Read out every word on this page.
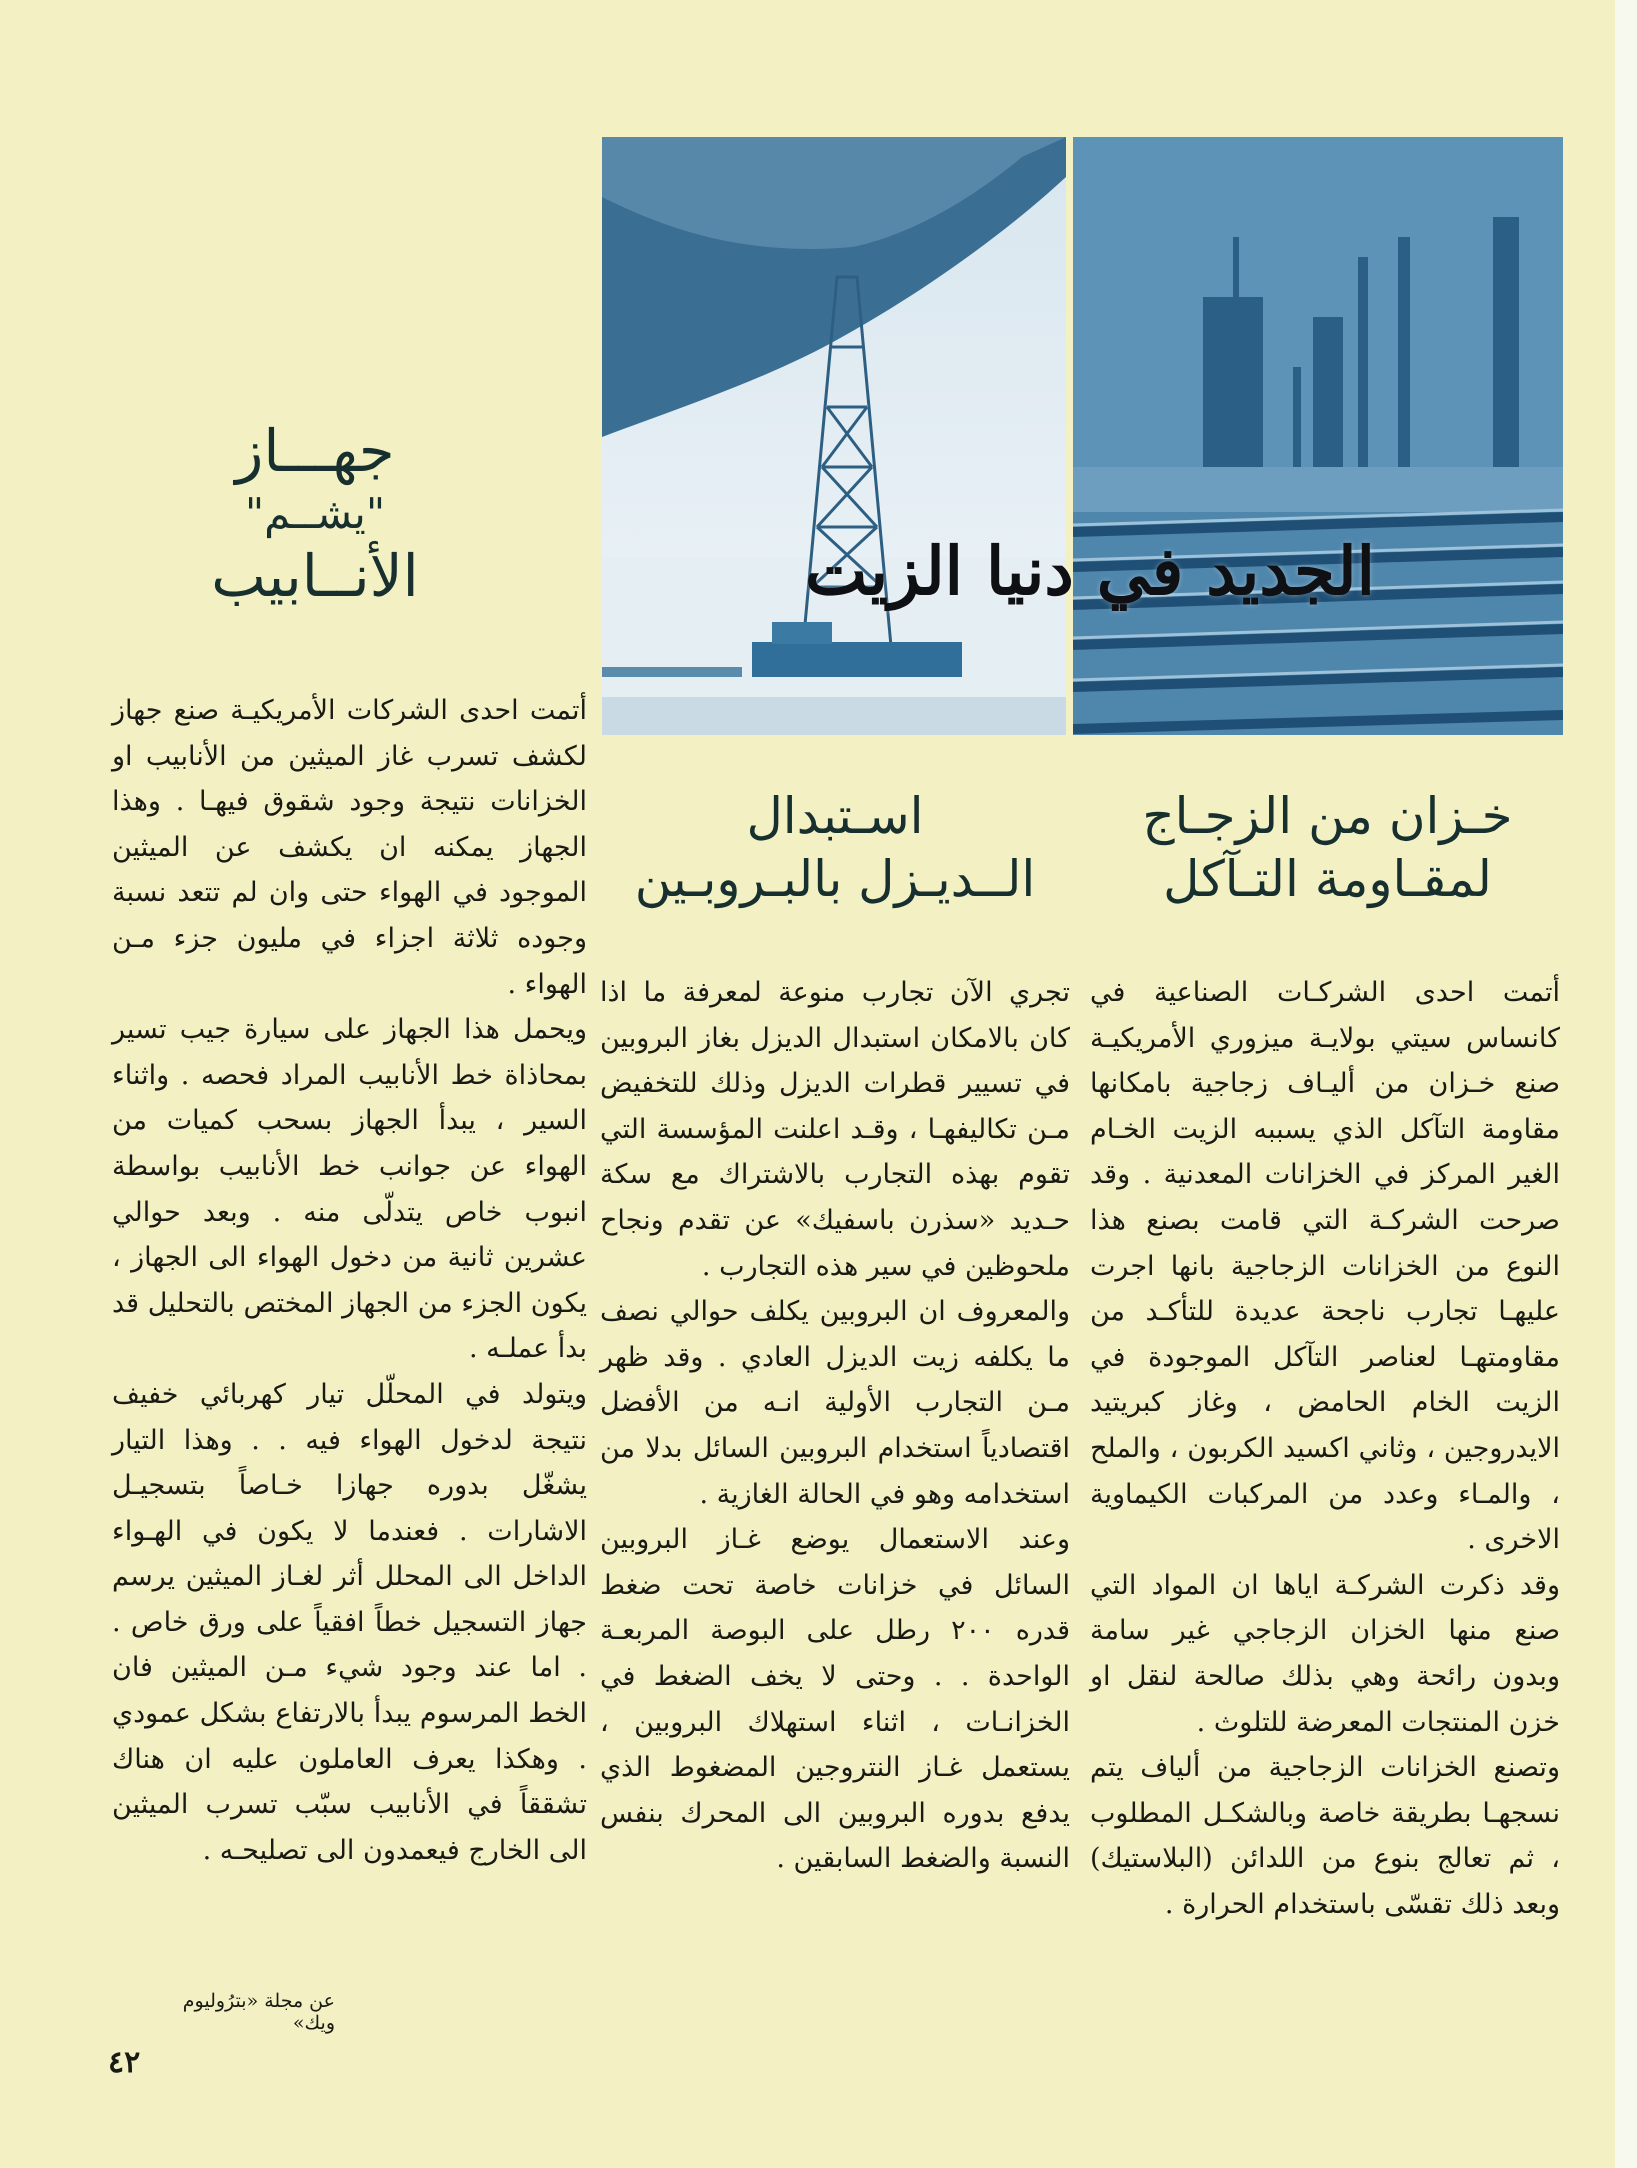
الجديد في دنيا الزيت
جهـــاز
"يشــم"
الأنــابيب

أتمت احدى الشركات الأمريكيـة صنع جهاز لكشف تسرب غاز الميثين من الأنابيب او الخزانات نتيجة وجود شقوق فيهـا . وهذا الجهاز يمكنه ان يكشف عن الميثين الموجود في الهواء حتى وان لم تتعد نسبة وجوده ثلاثة اجزاء في مليون جزء مـن الهواء .

ويحمل هذا الجهاز على سيارة جيب تسير بمحاذاة خط الأنابيب المراد فحصه . واثناء السير ، يبدأ الجهاز بسحب كميات من الهواء عن جوانب خط الأنابيب بواسطة انبوب خاص يتدلّى منه . وبعد حوالي عشرين ثانية من دخول الهواء الى الجهاز ، يكون الجزء من الجهاز المختص بالتحليل قد بدأ عملـه .

ويتولد في المحلّل تيار كهربائي خفيف نتيجة لدخول الهواء فيه . . وهذا التيار يشغّل بدوره جهازا خـاصاً بتسجيـل الاشارات . فعندما لا يكون في الهـواء الداخل الى المحلل أثر لغـاز الميثين يرسم جهاز التسجيل خطاً افقياً على ورق خاص . . اما عند وجود شيء مـن الميثين فان الخط المرسوم يبدأ بالارتفاع بشكل عمودي . وهكذا يعرف العاملون عليه ان هناك تشققاً في الأنابيب سبّب تسرب الميثين الى الخارج فيعمدون الى تصليحـه .

عن مجلة «بترُوليوم ويك»
٤٢
اسـتبدال
الــديـزل بالبـروبـين

تجري الآن تجارب منوعة لمعرفة ما اذا كان بالامكان استبدال الديزل بغاز البروبين في تسيير قطرات الديزل وذلك للتخفيض مـن تكاليفهـا ، وقـد اعلنت المؤسسة التي تقوم بهذه التجارب بالاشتراك مع سكة حـديد «سذرن باسفيك» عن تقدم ونجاح ملحوظين في سير هذه التجارب .

والمعروف ان البروبين يكلف حوالي نصف ما يكلفه زيت الديزل العادي . وقد ظهر مـن التجارب الأولية انـه من الأفضل اقتصادياً استخدام البروبين السائل بدلا من استخدامه وهو في الحالة الغازية .

وعند الاستعمال يوضع غـاز البروبين السائل في خزانات خاصة تحت ضغط قدره ٢٠٠ رطل على البوصة المربعـة الواحدة . . وحتى لا يخف الضغط في الخزانـات ، اثناء استهلاك البروبين ، يستعمل غـاز النتروجين المضغوط الذي يدفع بدوره البروبين الى المحرك بنفس النسبة والضغط السابقين .

خـزان من الزجـاج
لمقـاومة التـآكل

أتمت احدى الشركـات الصناعية في كانساس سيتي بولايـة ميزوري الأمريكيـة صنع خـزان من أليـاف زجاجية بامكانها مقاومة التآكل الذي يسببه الزيت الخـام الغير المركز في الخزانات المعدنية . وقد صرحت الشركـة التي قامت بصنع هذا النوع من الخزانات الزجاجية بانها اجرت عليهـا تجارب ناجحة عديدة للتأكـد من مقاومتهـا لعناصر التآكل الموجودة في الزيت الخام الحامض ، وغاز كبريتيد الايدروجين ، وثاني اكسيد الكربون ، والملح ، والمـاء وعدد من المركبات الكيماوية الاخرى .

وقد ذكرت الشركـة اياها ان المواد التي صنع منها الخزان الزجاجي غير سامة وبدون رائحة وهي بذلك صالحة لنقل او خزن المنتجات المعرضة للتلوث .

وتصنع الخزانات الزجاجية من ألياف يتم نسجهـا بطريقة خاصة وبالشكـل المطلوب ، ثم تعالج بنوع من اللدائن (البلاستيك) وبعد ذلك تقسّى باستخدام الحرارة .
